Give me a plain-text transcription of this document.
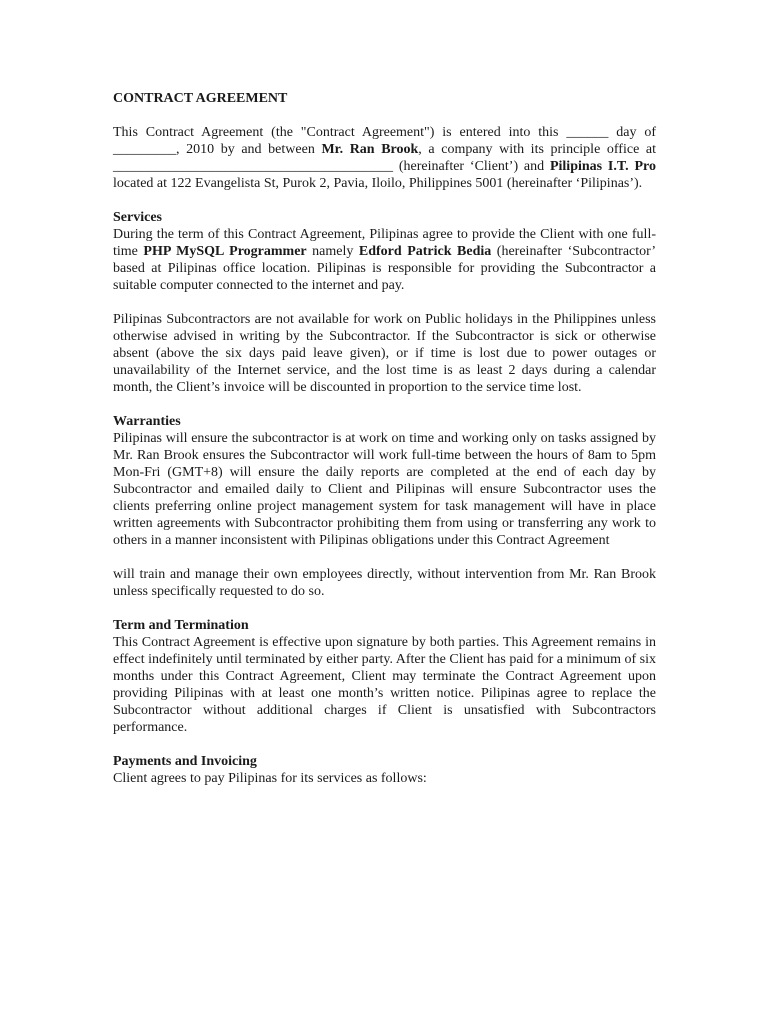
CONTRACT AGREEMENT

This Contract Agreement (the "Contract Agreement") is entered into this ______ day of _________, 2010 by and between Mr. Ran Brook, a company with its principle office at ________________________________________ (hereinafter ‘Client’) and Pilipinas I.T. Pro located at 122 Evangelista St, Purok 2, Pavia, Iloilo, Philippines 5001 (hereinafter ‘Pilipinas’).

Services

During the term of this Contract Agreement, Pilipinas agree to provide the Client with one full-time PHP MySQL Programmer namely Edford Patrick Bedia (hereinafter ‘Subcontractor’ based at Pilipinas office location. Pilipinas is responsible for providing the Subcontractor a suitable computer connected to the internet and pay.

Pilipinas Subcontractors are not available for work on Public holidays in the Philippines unless otherwise advised in writing by the Subcontractor. If the Subcontractor is sick or otherwise absent (above the six days paid leave given), or if time is lost due to power outages or unavailability of the Internet service, and the lost time is as least 2 days during a calendar month, the Client’s invoice will be discounted in proportion to the service time lost.

Warranties

Pilipinas will ensure the subcontractor is at work on time and working only on tasks assigned by Mr. Ran Brook ensures the Subcontractor will work full-time between the hours of 8am to 5pm Mon-Fri (GMT+8) will ensure the daily reports are completed at the end of each day by Subcontractor and emailed daily to Client and Pilipinas will ensure Subcontractor uses the clients preferring online project management system for task management will have in place written agreements with Subcontractor prohibiting them from using or transferring any work to others in a manner inconsistent with Pilipinas obligations under this Contract Agreement

will train and manage their own employees directly, without intervention from Mr. Ran Brook unless specifically requested to do so.

Term and Termination

This Contract Agreement is effective upon signature by both parties. This Agreement remains in effect indefinitely until terminated by either party. After the Client has paid for a minimum of six months under this Contract Agreement, Client may terminate the Contract Agreement upon providing Pilipinas with at least one month’s written notice. Pilipinas agree to replace the Subcontractor without additional charges if Client is unsatisfied with Subcontractors performance.

Payments and Invoicing

Client agrees to pay Pilipinas for its services as follows:
